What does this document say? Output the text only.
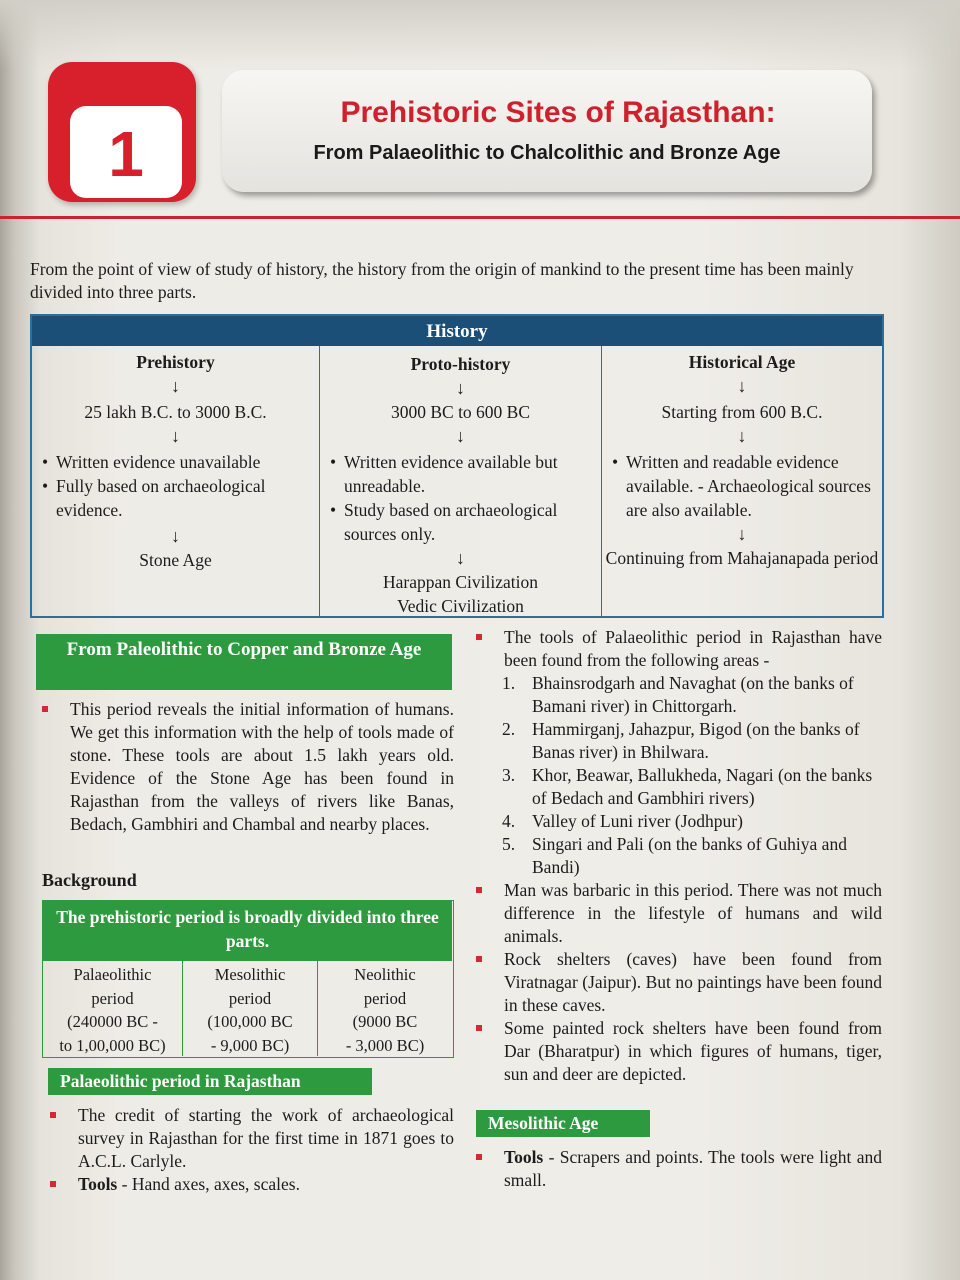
1
Prehistoric Sites of Rajasthan:
From Palaeolithic to Chalcolithic and Bronze Age

From the point of view of study of history, the history from the origin of mankind to the present time has been mainly divided into three parts.

History
Prehistory
↓
25 lakh B.C. to 3000 B.C.
↓
• Written evidence unavailable
• Fully based on archaeological evidence.
↓
Stone Age
Proto-history
↓
3000 BC to 600 BC
↓
• Written evidence available but unreadable.
• Study based on archaeological sources only.
↓
Harappan Civilization
Vedic Civilization
Historical Age
↓
Starting from 600 B.C.
↓
• Written and readable evidence available. - Archaeological sources are also available.
↓
Continuing from Mahajanapada period
From Paleolithic to Copper and Bronze Age
This period reveals the initial information of humans. We get this information with the help of tools made of stone. These tools are about 1.5 lakh years old. Evidence of the Stone Age has been found in Rajasthan from the valleys of rivers like Banas, Bedach, Gambhiri and Chambal and nearby places.
Background
The prehistoric period is broadly divided into three parts.
Palaeolithic
period
(240000 BC -
to 1,00,000 BC)
Mesolithic
period
(100,000 BC
- 9,000 BC)
Neolithic
period
(9000 BC
- 3,000 BC)
Palaeolithic period in Rajasthan
The credit of starting the work of archaeological survey in Rajasthan for the first time in 1871 goes to A.C.L. Carlyle.
Tools - Hand axes, axes, scales.
The tools of Palaeolithic period in Rajasthan have been found from the following areas -
1. Bhainsrodgarh and Navaghat (on the banks of Bamani river) in Chittorgarh.
2. Hammirganj, Jahazpur, Bigod (on the banks of Banas river) in Bhilwara.
3. Khor, Beawar, Ballukheda, Nagari (on the banks of Bedach and Gambhiri rivers)
4. Valley of Luni river (Jodhpur)
5. Singari and Pali (on the banks of Guhiya and Bandi)
Man was barbaric in this period. There was not much difference in the lifestyle of humans and wild animals.
Rock shelters (caves) have been found from Viratnagar (Jaipur). But no paintings have been found in these caves.
Some painted rock shelters have been found from Dar (Bharatpur) in which figures of humans, tiger, sun and deer are depicted.
Mesolithic Age
Tools - Scrapers and points. The tools were light and small.
